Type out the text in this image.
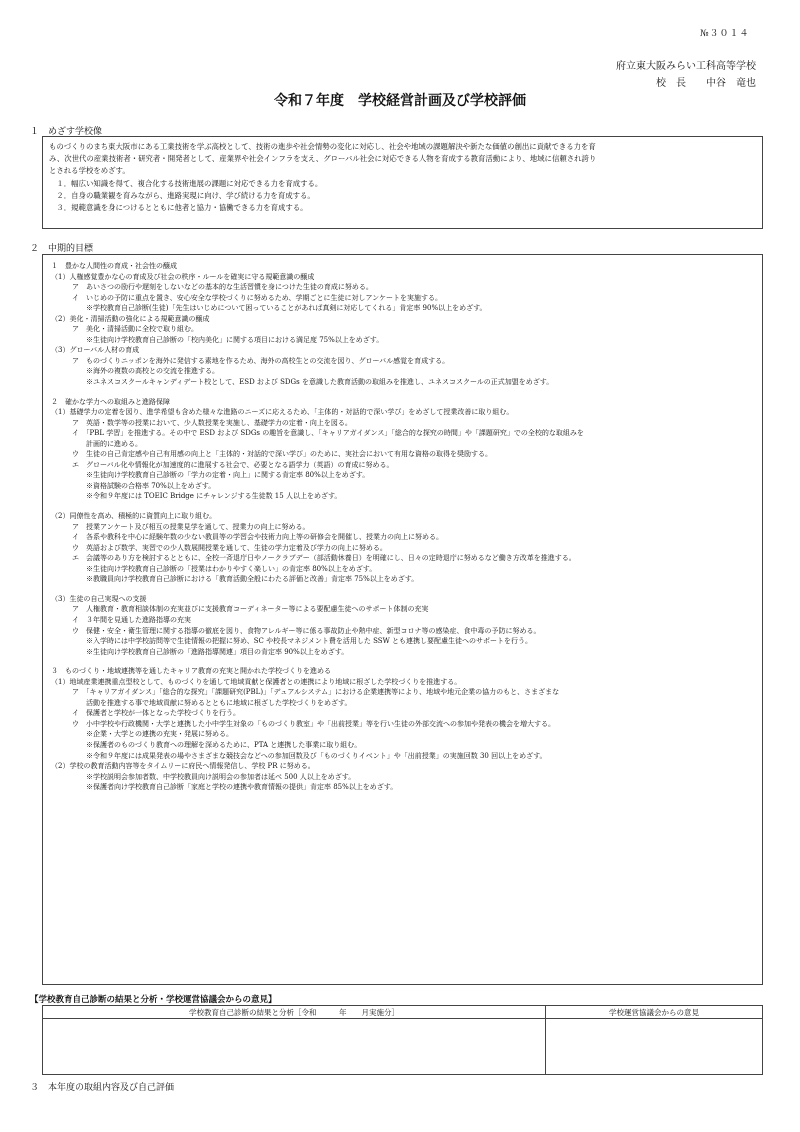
№３０１４
府立東大阪みらい工科高等学校
校　長　　中谷　竜也
令和７年度　学校経営計画及び学校評価
１　めざす学校像
ものづくりのまち東大阪市にある工業技術を学ぶ高校として、技術の進歩や社会情勢の変化に対応し、社会や地域の課題解決や新たな価値の創出に貢献できる力を育
み、次世代の産業技術者・研究者・開発者として、産業界や社会インフラを支え、グローバル社会に対応できる人物を育成する教育活動により、地域に信頼され誇り
とされる学校をめざす。
　１．幅広い知識を得て、複合化する技術進展の課題に対応できる力を育成する。
　２．自身の職業観を育みながら、進路実現に向け、学び続ける力を育成する。
　３．規範意識を身につけるとともに他者と協力・協働できる力を育成する。
２　中期的目標
１　豊かな人間性の育成・社会性の醸成
（1）人権感覚豊かな心の育成及び社会の秩序・ルールを確実に守る規範意識の醸成
　　　ア　あいさつの励行や遅刻をしないなどの基本的な生活習慣を身につけた生徒の育成に努める。
　　　イ　いじめの予防に重点を置き、安心安全な学校づくりに努めるため、学期ごとに生徒に対しアンケートを実施する。
　　　　　※学校教育自己診断(生徒)「先生はいじめについて困っていることがあれば真剣に対応してくれる」肯定率 90%以上をめざす。
（2）美化・清掃活動の強化による規範意識の醸成
　　　ア　美化・清掃活動に全校で取り組む。
　　　　　※生徒向け学校教育自己診断の「校内美化」に関する項目における満足度 75%以上をめざす。
（3）グローバル人材の育成
　　　ア　ものづくりニッポンを海外に発信する素地を作るため、海外の高校生との交流を図り、グローバル感覚を育成する。
　　　　　※海外の複数の高校との交流を推進する。
　　　　　※ユネスコスクールキャンディデート校として、ESD および SDGs を意識した教育活動の取組みを推進し、ユネスコスクールの正式加盟をめざす。
２　確かな学力への取組みと進路保障
（1）基礎学力の定着を図り、進学希望も含めた様々な進路のニーズに応えるため、「主体的・対話的で深い学び」をめざして授業改善に取り組む。
　　　ア　英語・数学等の授業において、少人数授業を実施し、基礎学力の定着・向上を図る。
　　　イ　「PBL 学習」を推進する。その中で ESD および SDGs の趣旨を意識し、「キャリアガイダンス」「総合的な探究の時間」や「課題研究」での全校的な取組みを
　　　　　計画的に進める。
　　　ウ　生徒の自己肯定感や自己有用感の向上と「主体的・対話的で深い学び」のために、実社会において有用な資格の取得を奨励する。
　　　エ　グローバル化や情報化が加速度的に進展する社会で、必要となる語学力（英語）の育成に努める。
　　　　　※生徒向け学校教育自己診断の「学力の定着・向上」に関する肯定率 80%以上をめざす。
　　　　　※資格試験の合格率 70%以上をめざす。
　　　　　※令和９年度には TOEIC Bridge にチャレンジする生徒数 15 人以上をめざす。
（2）同僚性を高め、積極的に資質向上に取り組む。
　　　ア　授業アンケート及び相互の授業見学を通して、授業力の向上に努める。
　　　イ　各系や教科を中心に経験年数の少ない教員等の学習会や技術力向上等の研修会を開催し、授業力の向上に努める。
　　　ウ　英語および数学、実習での少人数展開授業を通して、生徒の学力定着及び学力の向上に努める。
　　　エ　会議等のあり方を検討するとともに、全校一斉退庁日やノークラブデー（部活動休養日）を明確にし、日々の定時退庁に努めるなど働き方改革を推進する。
　　　　　※生徒向け学校教育自己診断の「授業はわかりやすく楽しい」の肯定率 80%以上をめざす。
　　　　　※教職員向け学校教育自己診断における「教育活動全般にわたる評価と改善」肯定率 75%以上をめざす。
（3）生徒の自己実現への支援
　　　ア　人権教育・教育相談体制の充実並びに支援教育コーディネーター等による要配慮生徒へのサポート体制の充実
　　　イ　３年間を見通した進路指導の充実
　　　ウ　保健・安全・衛生管理に関する指導の徹底を図り、食物アレルギー等に係る事故防止や熱中症、新型コロナ等の感染症、食中毒の予防に努める。
　　　　　※入学時には中学校訪問等で生徒情報の把握に努め、SC や校長マネジメント費を活用した SSW とも連携し要配慮生徒へのサポートを行う。
　　　　　※生徒向け学校教育自己診断の「進路指導関連」項目の肯定率 90%以上をめざす。
３　ものづくり・地域連携等を通したキャリア教育の充実と開かれた学校づくりを進める
（1）地域産業連携重点型校として、ものづくりを通して地域貢献と保護者との連携により地域に根ざした学校づくりを推進する。
　　　ア　「キャリアガイダンス」「総合的な探究」「課題研究(PBL)」「デュアルシステム」における企業連携等により、地域や地元企業の協力のもと、さまざまな
　　　　　活動を推進する事で地域貢献に努めるとともに地域に根ざした学校づくりをめざす。
　　　イ　保護者と学校が一体となった学校づくりを行う。
　　　ウ　小中学校や行政機関・大学と連携した小中学生対象の「ものづくり教室」や「出前授業」等を行い生徒の外部交流への参加や発表の機会を増大する。
　　　　　※企業・大学との連携の充実・発展に努める。
　　　　　※保護者のものづくり教育への理解を深めるために、PTA と連携した事業に取り組む。
　　　　　※令和９年度には成果発表の場やさまざまな競技会などへの参加回数及び「ものづくりイベント」や「出前授業」の実施回数 30 回以上をめざす。
（2）学校の教育活動内容等をタイムリーに府民へ情報発信し、学校 PR に努める。
　　　　　※学校説明会参加者数、中学校教員向け説明会の参加者は延べ 500 人以上をめざす。
　　　　　※保護者向け学校教育自己診断「家庭と学校の連携や教育情報の提供」肯定率 85%以上をめざす。
【学校教育自己診断の結果と分析・学校運営協議会からの意見】
学校教育自己診断の結果と分析［令和　　　年　　月実施分］	学校運営協議会からの意見

３　本年度の取組内容及び自己評価
